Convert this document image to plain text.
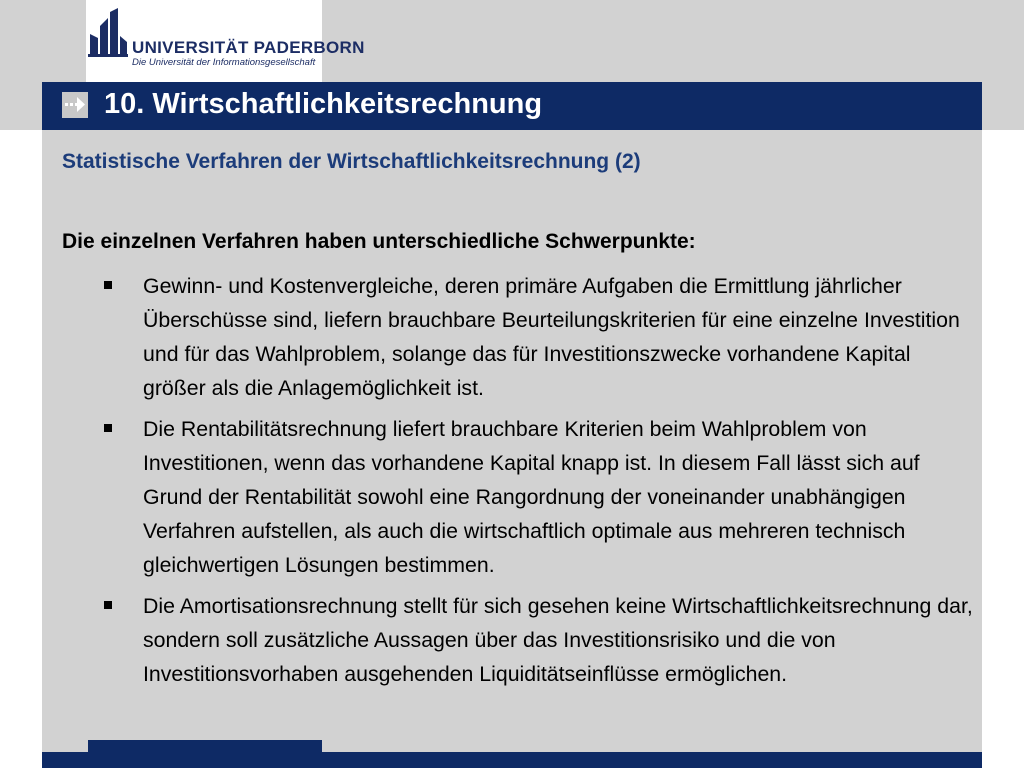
UNIVERSITÄT PADERBORN
Die Universität der Informationsgesellschaft
10. Wirtschaftlichkeitsrechnung
Statistische Verfahren der Wirtschaftlichkeitsrechnung (2)
Die einzelnen Verfahren haben unterschiedliche Schwerpunkte:
Gewinn- und Kostenvergleiche, deren primäre Aufgaben die Ermittlung jährlicher Überschüsse sind, liefern brauchbare Beurteilungskriterien für eine einzelne Investition und für das Wahlproblem, solange das für Investitionszwecke vorhandene Kapital größer als die Anlagemöglichkeit ist.
Die Rentabilitätsrechnung liefert brauchbare Kriterien beim Wahlproblem von Investitionen, wenn das vorhandene Kapital knapp ist. In diesem Fall lässt sich auf Grund der Rentabilität sowohl eine Rangordnung der voneinander unabhängigen Verfahren aufstellen, als auch die wirtschaftlich optimale aus mehreren technisch gleichwertigen Lösungen bestimmen.
Die Amortisationsrechnung stellt für sich gesehen keine Wirtschaftlichkeitsrechnung dar, sondern soll zusätzliche Aussagen über das Investitionsrisiko und die von Investitionsvorhaben ausgehenden Liquiditätseinflüsse ermöglichen.
